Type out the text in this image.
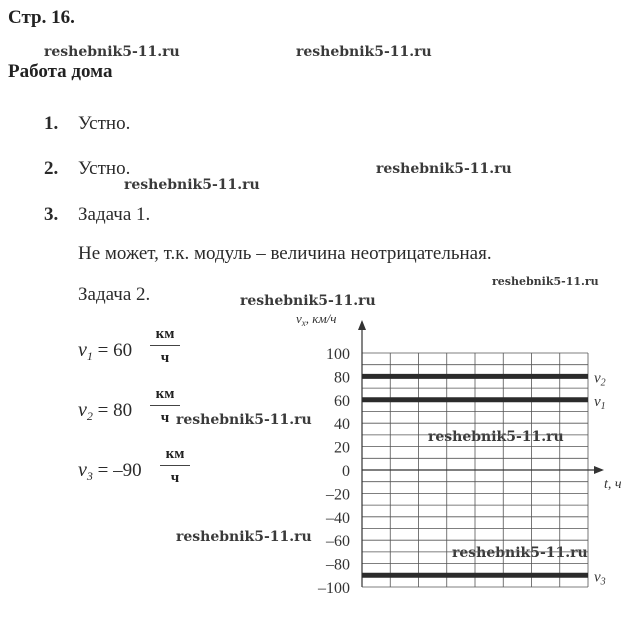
Стр. 16.
Работа дома
reshebnik5-11.ru	reshebnik5-11.ru
reshebnik5-11.ru
reshebnik5-11.ru
reshebnik5-11.ru
reshebnik5-11.ru
reshebnik5-11.ru
reshebnik5-11.ru
reshebnik5-11.ru
reshebnik5-11.ru
1. Устно.
2. Устно.
3. Задача 1.
Не может, т.к. модуль – величина неотрицательная.
Задача 2.
$v_1 = 60$
км
ч
$v_2 = 80$
км
ч
$v_3 = -90$
км
ч
100
80
60
40
20
0
–20
–40
–60
–80
–100
$v_x$, км/ч
t, ч
$v_2$
$v_1$
$v_3$
